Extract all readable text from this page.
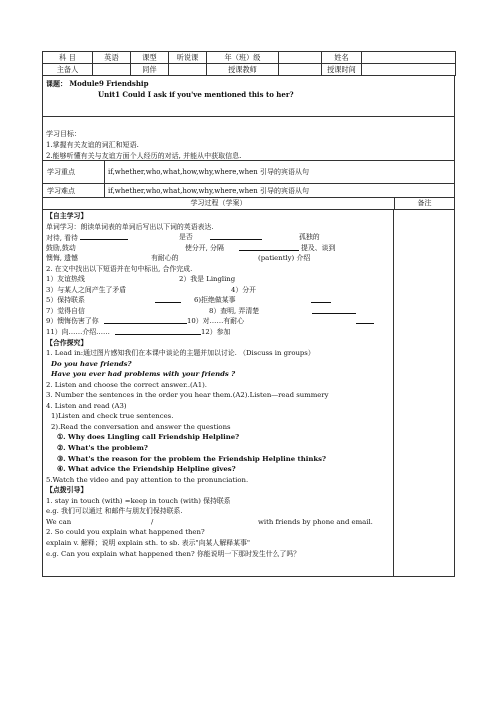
科 目	英语	课型	听说课	年（班）级		姓名	
主备人		同伴		授课教师		授课时间	
课题： Module9 Friendship
Unit1 Could I ask if you've mentioned this to her?
学习目标：
1.掌握有关友谊的词汇和短语.
2.能够听懂有关与友谊方面个人经历的对话, 并能从中获取信息.
学习重点	if,whether,who,what,how,why,where,when 引导的宾语从句
学习难点	if,whether,who,what,how,why,where,when 引导的宾语从句
学习过程（学案）	备注
【自主学习】
单词学习：朗读单词表的单词后写出以下词的英语表达.
对待, 看待	是否	孤独的
鼓励,鼓动	使分开, 分隔	提及、谈到
懊悔, 遗憾	有耐心的	(patiently) 介绍
2. 在文中找出以下短语并在句中标出, 合作完成.
1）友谊热线	2）我是 Lingling
3）与某人之间产生了矛盾	4）分开
5）保持联系	6)拒绝做某事
7）觉得自信	8）查明, 弄清楚
9）懊悔伤害了你	10）对……有耐心
11）向……介绍……	12）参加
【合作探究】
1. Lead in:通过图片感知我们在本课中谈论的主题并加以讨论. （Discuss in groups）
Do you have friends?
Have you ever had problems with your friends ?
2. Listen and choose the correct answer..(A1).
3. Number the sentences in the order you hear them.(A2).Listen—read summery
4. Listen and read (A3)
1)Listen and check true sentences.
2).Read the conversation and answer the questions
①. Why does Lingling call Friendship Helpline?
②. What's the problem?
③. What's the reason for the problem the Friendship Helpline thinks?
④. What advice the Friendship Helpline gives?
5.Watch the video and pay attention to the pronunciation.
【点拨引导】
1. stay in touch (with) =keep in touch (with) 保持联系
e.g. 我们可以通过 和邮件与朋友们保持联系.
We can	/	with friends by phone and email.
2. So could you explain what happened then?
explain v. 解释；说明 explain sth. to sb. 表示"向某人解释某事"
e.g. Can you explain what happened then? 你能说明一下那时发生什么了吗？
